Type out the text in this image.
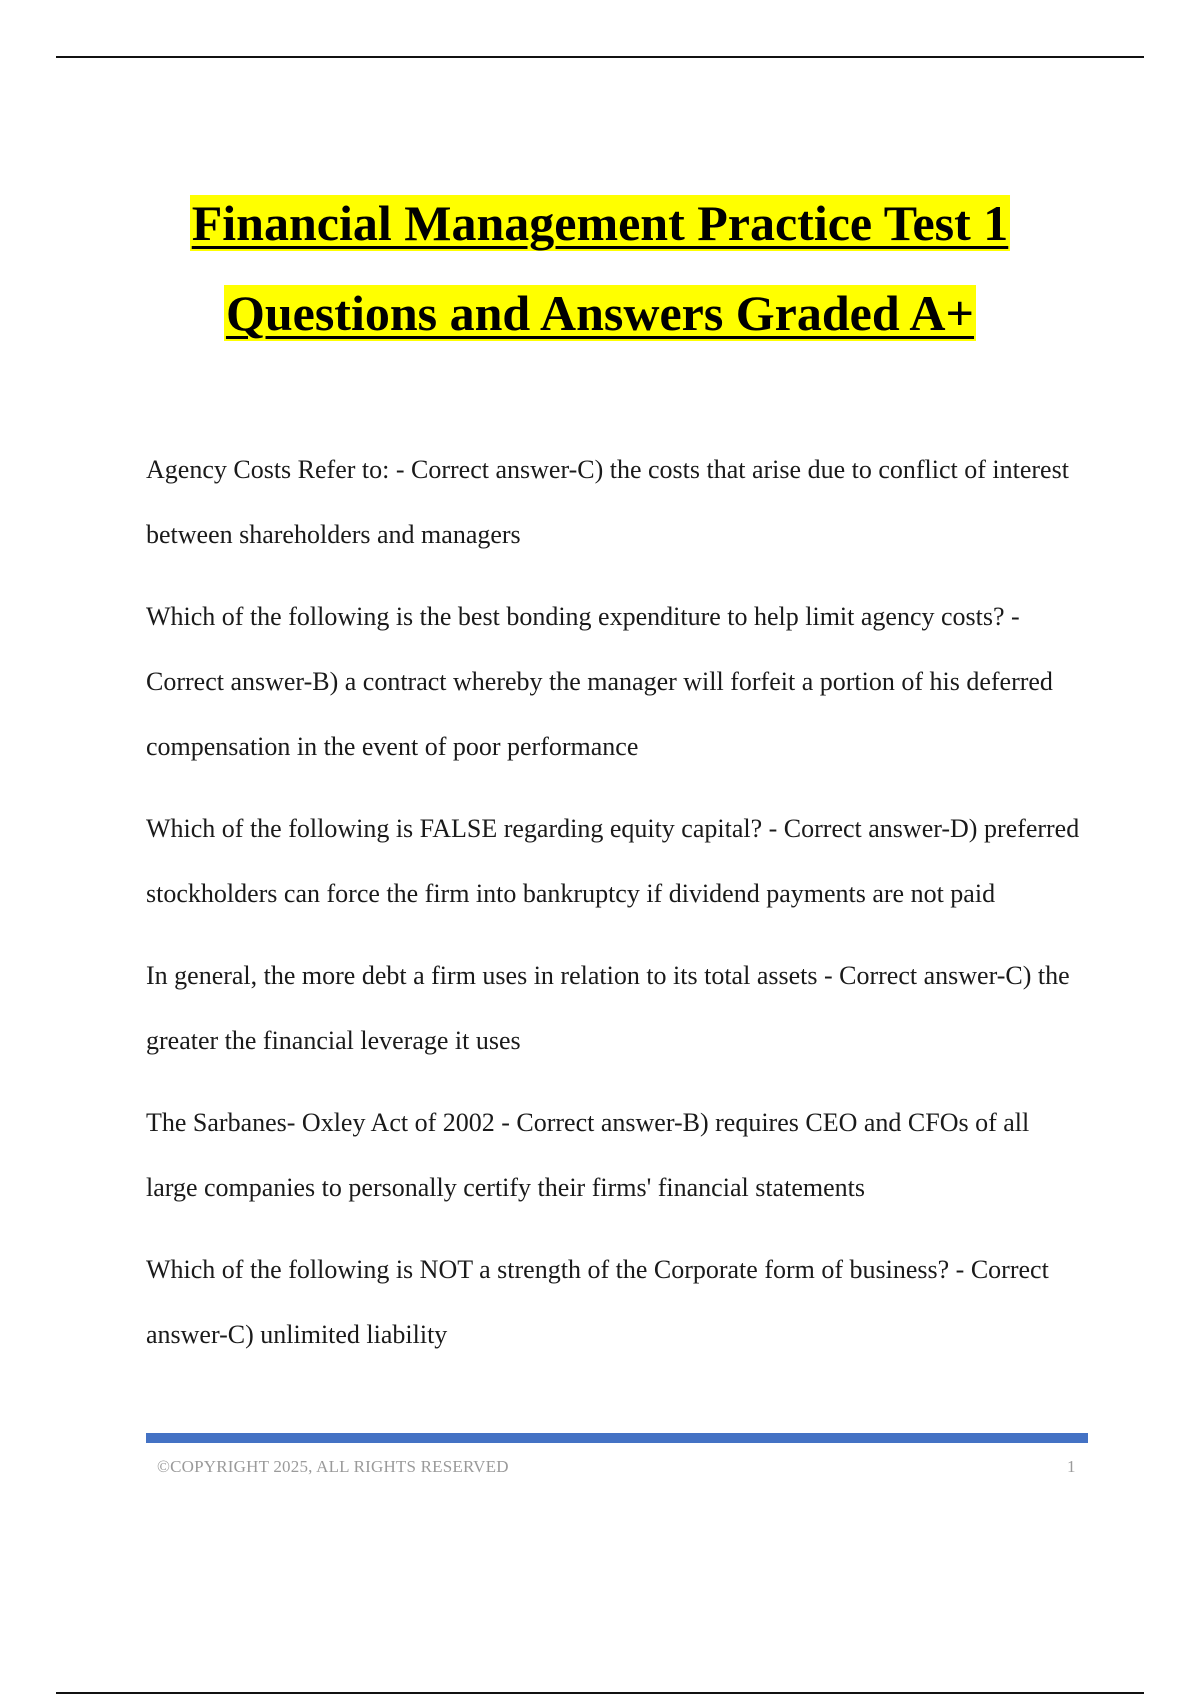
Financial Management Practice Test 1
Questions and Answers Graded A+
Agency Costs Refer to: - Correct answer-C) the costs that arise due to conflict of interest between shareholders and managers
Which of the following is the best bonding expenditure to help limit agency costs? - Correct answer-B) a contract whereby the manager will forfeit a portion of his deferred compensation in the event of poor performance
Which of the following is FALSE regarding equity capital? - Correct answer-D) preferred stockholders can force the firm into bankruptcy if dividend payments are not paid
In general, the more debt a firm uses in relation to its total assets - Correct answer-C) the greater the financial leverage it uses
The Sarbanes- Oxley Act of 2002 - Correct answer-B) requires CEO and CFOs of all large companies to personally certify their firms' financial statements
Which of the following is NOT a strength of the Corporate form of business? - Correct answer-C) unlimited liability
©COPYRIGHT 2025, ALL RIGHTS RESERVED	1
